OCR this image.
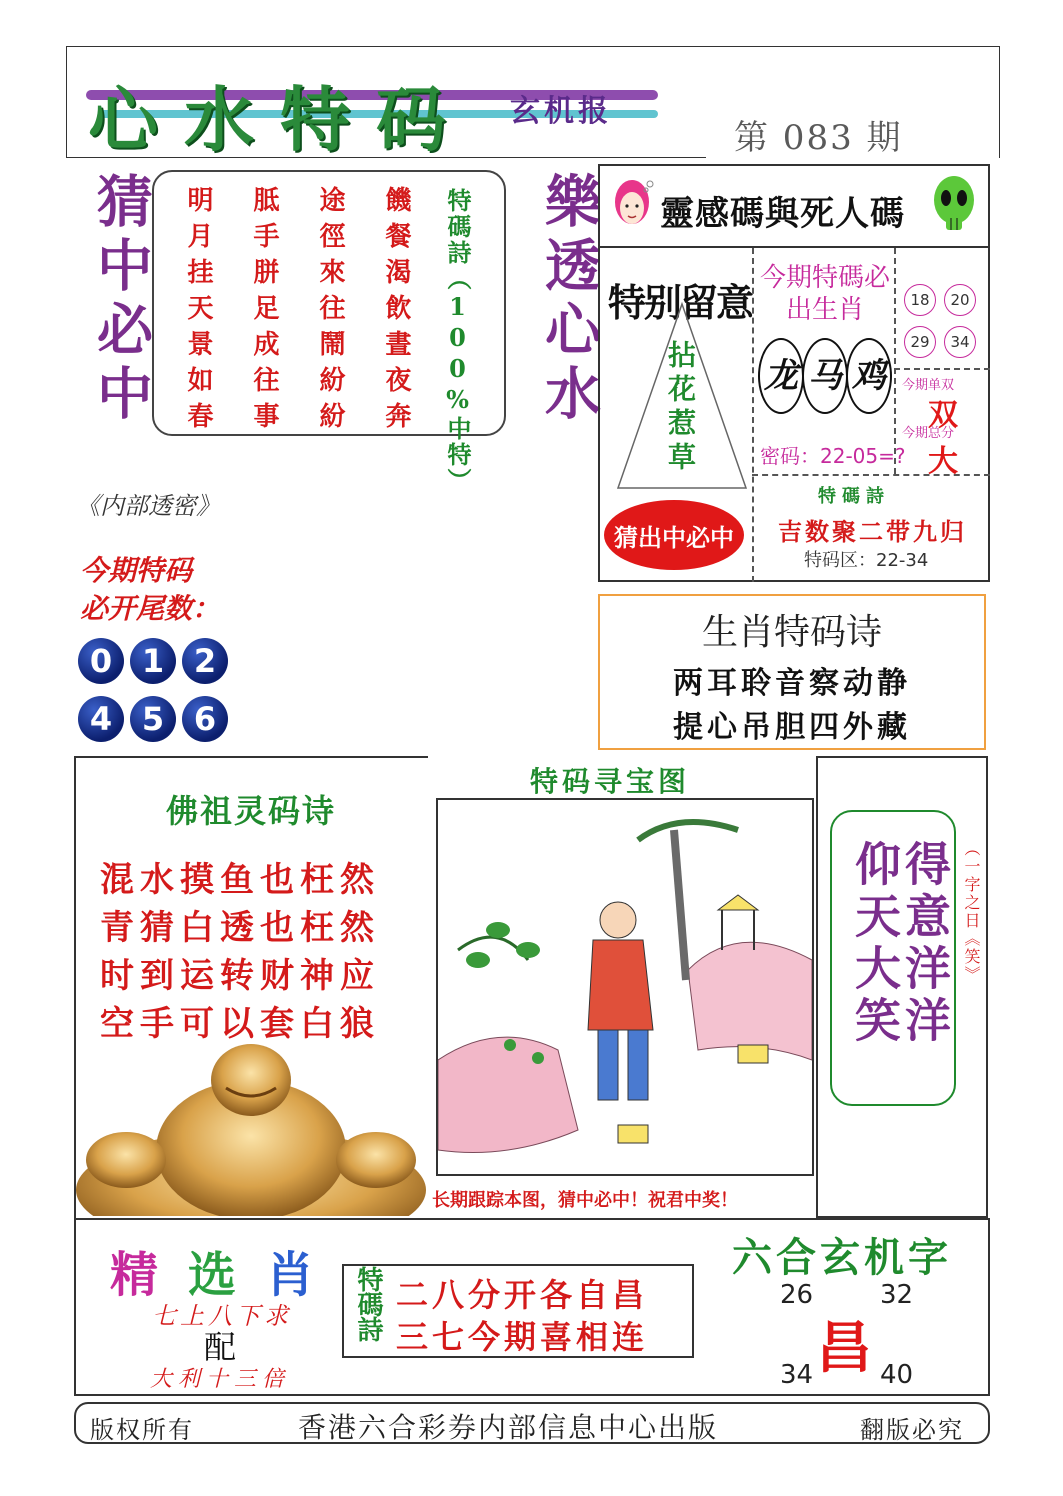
心水特码 玄机报
第 083 期
猜中必中	樂透心水
特碼詩（100%中特）
饑餐渴飲晝夜奔
途徑來往鬧紛紛
胝手胼足成往事
明月挂天景如春	靈感碼與死人碼
特别留意
拈花惹草
猜出中必中
今期特碼必出生肖
龙 马 鸡
密码：22-05=?
18	20
29	34
今期单双
双
今期总分
大
特碼詩
吉数聚二带九归
特码区：22-34
《内部透密》
今期特码
必开尾数：
0 1 2
4 5 6
生肖特码诗
两耳聆音察动静
提心吊胆四外藏
佛祖灵码诗
混水摸鱼也枉然
青猜白透也枉然
时到运转财神应
空手可以套白狼
特码寻宝图
长期跟踪本图，猜中必中！祝君中奖！
仰天大笑
得意洋洋 （一字之日《笑》
精选肖
七上八下求
配
大利十三倍
特碼詩 二八分开各自昌
三七今期喜相连
六合玄机字
26	32
昌
34	40
版权所有	香港六合彩券内部信息中心出版	翻版必究
